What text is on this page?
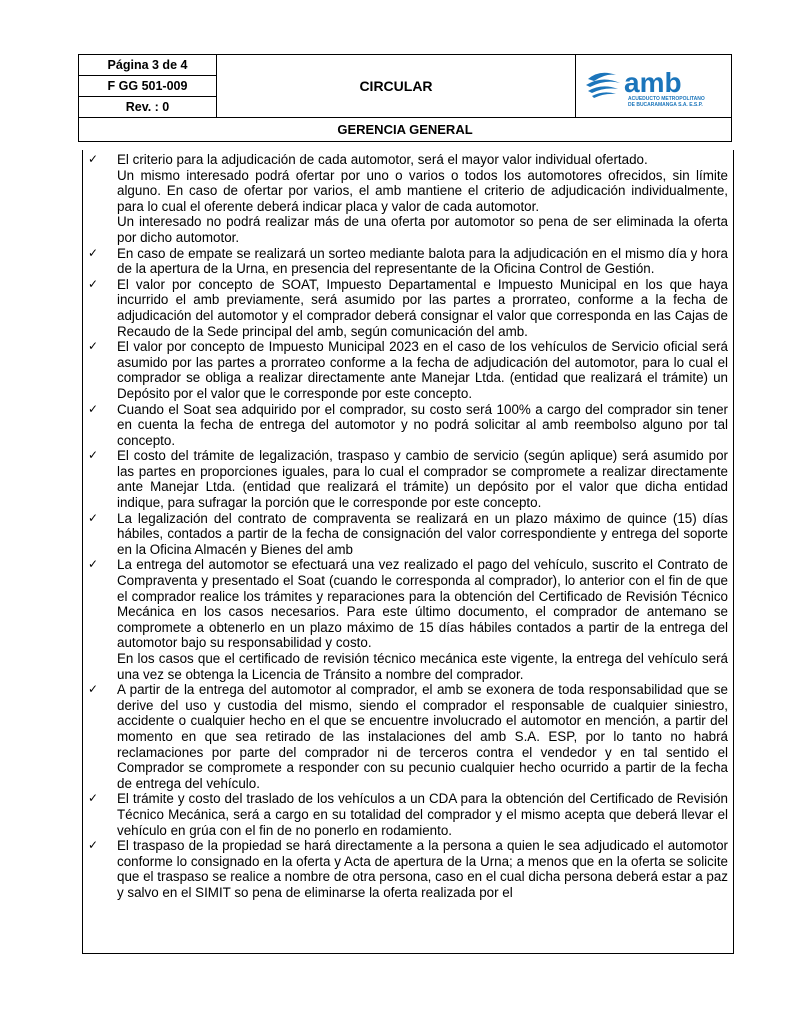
Página 3 de 4	CIRCULAR	amb
ACUEDUCTO METROPOLITANO
DE BUCARAMANGA S.A. E.S.P.

F GG 501-009
Rev. : 0
GERENCIA GENERAL
✓ El criterio para la adjudicación de cada automotor, será el mayor valor individual ofertado.

Un mismo interesado podrá ofertar por uno o varios o todos los automotores ofrecidos, sin límite alguno. En caso de ofertar por varios, el amb mantiene el criterio de adjudicación individualmente, para lo cual el oferente deberá indicar placa y valor de cada automotor.

Un interesado no podrá realizar más de una oferta por automotor so pena de ser eliminada la oferta por dicho automotor.

✓ En caso de empate se realizará un sorteo mediante balota para la adjudicación en el mismo día y hora de la apertura de la Urna, en presencia del representante de la Oficina Control de Gestión.

✓ El valor por concepto de SOAT, Impuesto Departamental e Impuesto Municipal en los que haya incurrido el amb previamente, será asumido por las partes a prorrateo, conforme a la fecha de adjudicación del automotor y el comprador deberá consignar el valor que corresponda en las Cajas de Recaudo de la Sede principal del amb, según comunicación del amb.

✓ El valor por concepto de Impuesto Municipal 2023 en el caso de los vehículos de Servicio oficial será asumido por las partes a prorrateo conforme a la fecha de adjudicación del automotor, para lo cual el comprador se obliga a realizar directamente ante Manejar Ltda. (entidad que realizará el trámite) un Depósito por el valor que le corresponde por este concepto.

✓ Cuando el Soat sea adquirido por el comprador, su costo será 100% a cargo del comprador sin tener en cuenta la fecha de entrega del automotor y no podrá solicitar al amb reembolso alguno por tal concepto.

✓ El costo del trámite de legalización, traspaso y cambio de servicio (según aplique) será asumido por las partes en proporciones iguales, para lo cual el comprador se compromete a realizar directamente ante Manejar Ltda. (entidad que realizará el trámite) un depósito por el valor que dicha entidad indique, para sufragar la porción que le corresponde por este concepto.

✓ La legalización del contrato de compraventa se realizará en un plazo máximo de quince (15) días hábiles, contados a partir de la fecha de consignación del valor correspondiente y entrega del soporte en la Oficina Almacén y Bienes del amb

✓ La entrega del automotor se efectuará una vez realizado el pago del vehículo, suscrito el Contrato de Compraventa y presentado el Soat (cuando le corresponda al comprador), lo anterior con el fin de que el comprador realice los trámites y reparaciones para la obtención del Certificado de Revisión Técnico Mecánica en los casos necesarios. Para este último documento, el comprador de antemano se compromete a obtenerlo en un plazo máximo de 15 días hábiles contados a partir de la entrega del automotor bajo su responsabilidad y costo.

En los casos que el certificado de revisión técnico mecánica este vigente, la entrega del vehículo será una vez se obtenga la Licencia de Tránsito a nombre del comprador.

✓ A partir de la entrega del automotor al comprador, el amb se exonera de toda responsabilidad que se derive del uso y custodia del mismo, siendo el comprador el responsable de cualquier siniestro, accidente o cualquier hecho en el que se encuentre involucrado el automotor en mención, a partir del momento en que sea retirado de las instalaciones del amb S.A. ESP, por lo tanto no habrá reclamaciones por parte del comprador ni de terceros contra el vendedor y en tal sentido el Comprador se compromete a responder con su pecunio cualquier hecho ocurrido a partir de la fecha de entrega del vehículo.

✓ El trámite y costo del traslado de los vehículos a un CDA para la obtención del Certificado de Revisión Técnico Mecánica, será a cargo en su totalidad del comprador y el mismo acepta que deberá llevar el vehículo en grúa con el fin de no ponerlo en rodamiento.

✓ El traspaso de la propiedad se hará directamente a la persona a quien le sea adjudicado el automotor conforme lo consignado en la oferta y Acta de apertura de la Urna; a menos que en la oferta se solicite que el traspaso se realice a nombre de otra persona, caso en el cual dicha persona deberá estar a paz y salvo en el SIMIT so pena de eliminarse la oferta realizada por el
